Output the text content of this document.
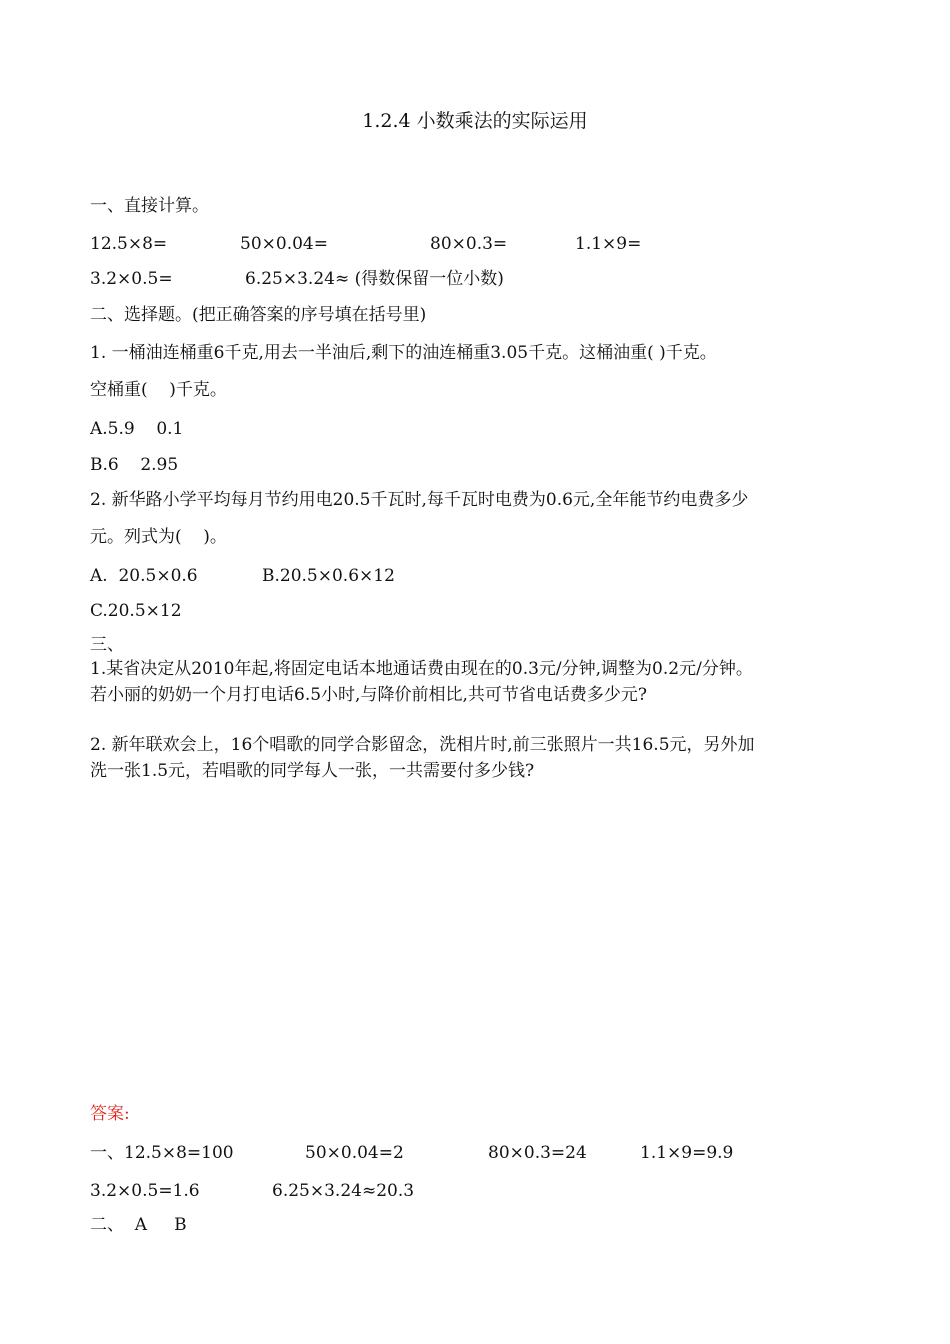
1.2.4 小数乘法的实际运用
一、直接计算。
12.5×8=	50×0.04=	80×0.3=	1.1×9=
3.2×0.5=	6.25×3.24≈ (得数保留一位小数)
二、选择题。(把正确答案的序号填在括号里)
1. 一桶油连桶重6千克,用去一半油后,剩下的油连桶重3.05千克。这桶油重( )千克。
空桶重(    )千克。
A.5.9    0.1
B.6    2.95
2. 新华路小学平均每月节约用电20.5千瓦时,每千瓦时电费为0.6元,全年能节约电费多少
元。列式为(    )。
A.  20.5×0.6	B.20.5×0.6×12
C.20.5×12
三、
1.某省决定从2010年起,将固定电话本地通话费由现在的0.3元/分钟,调整为0.2元/分钟。
若小丽的奶奶一个月打电话6.5小时,与降价前相比,共可节省电话费多少元?
2. 新年联欢会上，16个唱歌的同学合影留念，洗相片时,前三张照片一共16.5元，另外加
洗一张1.5元，若唱歌的同学每人一张，一共需要付多少钱?
答案:
一、12.5×8=100	50×0.04=2	80×0.3=24	1.1×9=9.9
3.2×0.5=1.6	6.25×3.24≈20.3
二、  A     B
